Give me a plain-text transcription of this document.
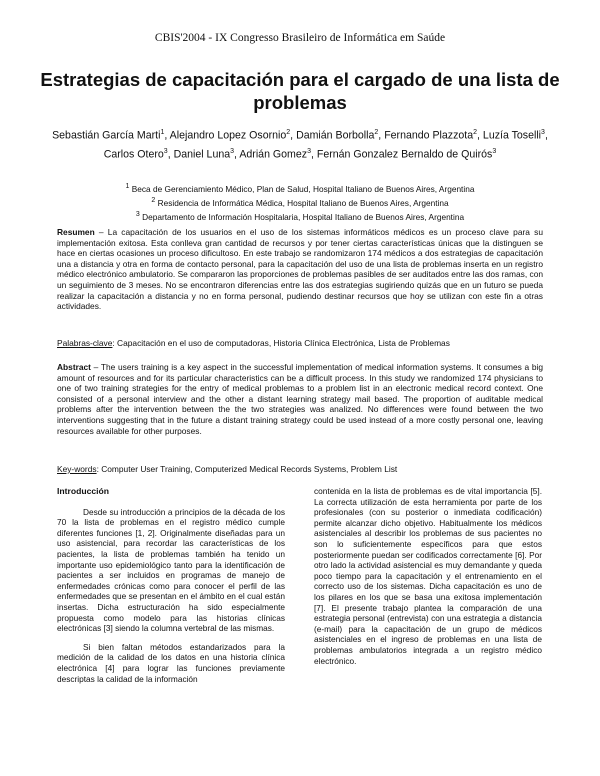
CBIS'2004 - IX Congresso Brasileiro de Informática em Saúde
Estrategias de capacitación para el cargado de una lista de problemas
Sebastián García Marti$^1$, Alejandro Lopez Osornio$^2$, Damián Borbolla$^2$, Fernando Plazzota$^2$, Luzía Toselli$^3$, Carlos Otero$^3$, Daniel Luna$^3$, Adrián Gomez$^3$, Fernán Gonzalez Bernaldo de Quirós$^3$
$^1$ Beca de Gerenciamiento Médico, Plan de Salud, Hospital Italiano de Buenos Aires, Argentina
$^2$ Residencia de Informática Médica, Hospital Italiano de Buenos Aires, Argentina
$^3$ Departamento de Información Hospitalaria, Hospital Italiano de Buenos Aires, Argentina
Resumen – La capacitación de los usuarios en el uso de los sistemas informáticos médicos es un proceso clave para su implementación exitosa. Esta conlleva gran cantidad de recursos y por tener ciertas características únicas que la distinguen se hace en ciertas ocasiones un proceso dificultoso. En este trabajo se randomizaron 174 médicos a dos estrategias de capacitación una a distancia y otra en forma de contacto personal, para la capacitación del uso de una lista de problemas inserta en un registro médico electrónico ambulatorio. Se compararon las proporciones de problemas pasibles de ser auditados entre las dos ramas, con un seguimiento de 3 meses. No se encontraron diferencias entre las dos estrategias sugiriendo quizás que en un futuro se pueda realizar la capacitación a distancia y no en forma personal, pudiendo destinar recursos que hoy se utilizan con este fin a otras actividades.
Palabras-clave: Capacitación en el uso de computadoras, Historia Clínica Electrónica, Lista de Problemas
Abstract – The users training is a key aspect in the successful implementation of medical information systems. It consumes a big amount of resources and for its particular characteristics can be a difficult process. In this study we randomized 174 physicians to one of two training strategies for the entry of medical problemas to a problem list in an electronic medical record context. One consisted of a personal interview and the other a distant learning strategy mail based. The proportion of auditable medical problems after the intervention between the the two strategies was analized. No differences were found between the two interventions suggesting that in the future a distant training strategy could be used instead of a more costly personal one, leaving resources available for other purposes.
Key-words: Computer User Training, Computerized Medical Records Systems, Problem List

Introducción

Desde su introducción a principios de la década de los 70 la lista de problemas en el registro médico cumple diferentes funciones [1, 2]. Originalmente diseñadas para un uso asistencial, para recordar las características de los pacientes, la lista de problemas también ha tenido un importante uso epidemiológico tanto para la identificación de pacientes a ser incluidos en programas de manejo de enfermedades crónicas como para conocer el perfil de las enfermedades que se presentan en el ámbito en el cual están insertas. Dicha estructuración ha sido especialmente propuesta como modelo para las historias clínicas electrónicas [3] siendo la columna vertebral de las mismas.

Si bien faltan métodos estandarizados para la medición de la calidad de los datos en una historia clínica electrónica [4] para lograr las funciones previamente descriptas la calidad de la información

contenida en la lista de problemas es de vital importancia [5]. La correcta utilización de esta herramienta por parte de los profesionales (con su posterior o inmediata codificación) permite alcanzar dicho objetivo. Habitualmente los médicos asistenciales al describir los problemas de sus pacientes no son lo suficientemente específicos para que estos posteriormente puedan ser codificados correctamente [6]. Por otro lado la actividad asistencial es muy demandante y queda poco tiempo para la capacitación y el entrenamiento en el correcto uso de los sistemas. Dicha capacitación es uno de los pilares en los que se basa una exitosa implementación [7]. El presente trabajo plantea la comparación de una estrategia personal (entrevista) con una estrategia a distancia (e-mail) para la capacitación de un grupo de médicos asistenciales en el ingreso de problemas en una lista de problemas ambulatorios integrada a un registro médico electrónico.
